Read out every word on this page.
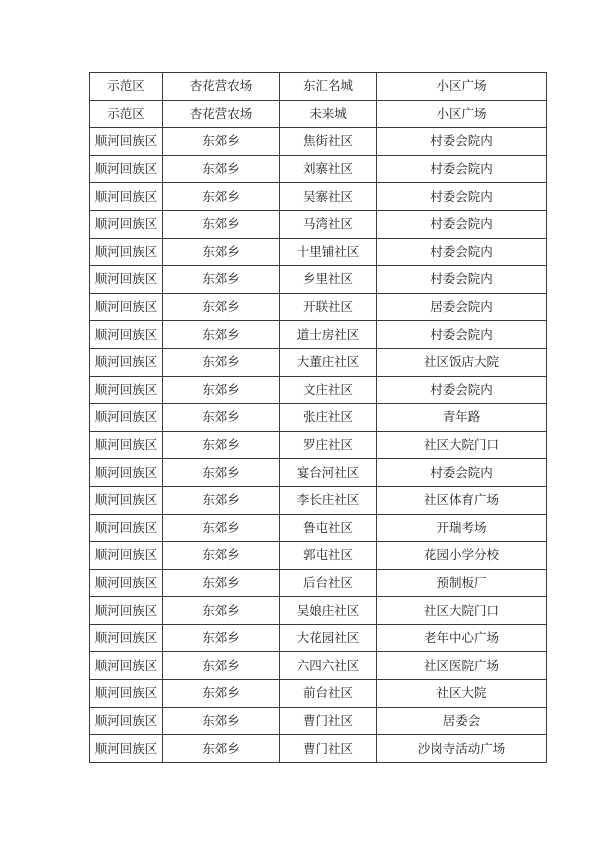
示范区	杏花营农场	东汇名城	小区广场
示范区	杏花营农场	未来城	小区广场
顺河回族区	东郊乡	焦街社区	村委会院内
顺河回族区	东郊乡	刘寨社区	村委会院内
顺河回族区	东郊乡	吴寨社区	村委会院内
顺河回族区	东郊乡	马湾社区	村委会院内
顺河回族区	东郊乡	十里铺社区	村委会院内
顺河回族区	东郊乡	乡里社区	村委会院内
顺河回族区	东郊乡	开联社区	居委会院内
顺河回族区	东郊乡	道士房社区	村委会院内
顺河回族区	东郊乡	大董庄社区	社区饭店大院
顺河回族区	东郊乡	文庄社区	村委会院内
顺河回族区	东郊乡	张庄社区	青年路
顺河回族区	东郊乡	罗庄社区	社区大院门口
顺河回族区	东郊乡	宴台河社区	村委会院内
顺河回族区	东郊乡	李长庄社区	社区体育广场
顺河回族区	东郊乡	鲁屯社区	开瑞考场
顺河回族区	东郊乡	郭屯社区	花园小学分校
顺河回族区	东郊乡	后台社区	预制板厂
顺河回族区	东郊乡	吴娘庄社区	社区大院门口
顺河回族区	东郊乡	大花园社区	老年中心广场
顺河回族区	东郊乡	六四六社区	社区医院广场
顺河回族区	东郊乡	前台社区	社区大院
顺河回族区	东郊乡	曹门社区	居委会
顺河回族区	东郊乡	曹门社区	沙岗寺活动广场
